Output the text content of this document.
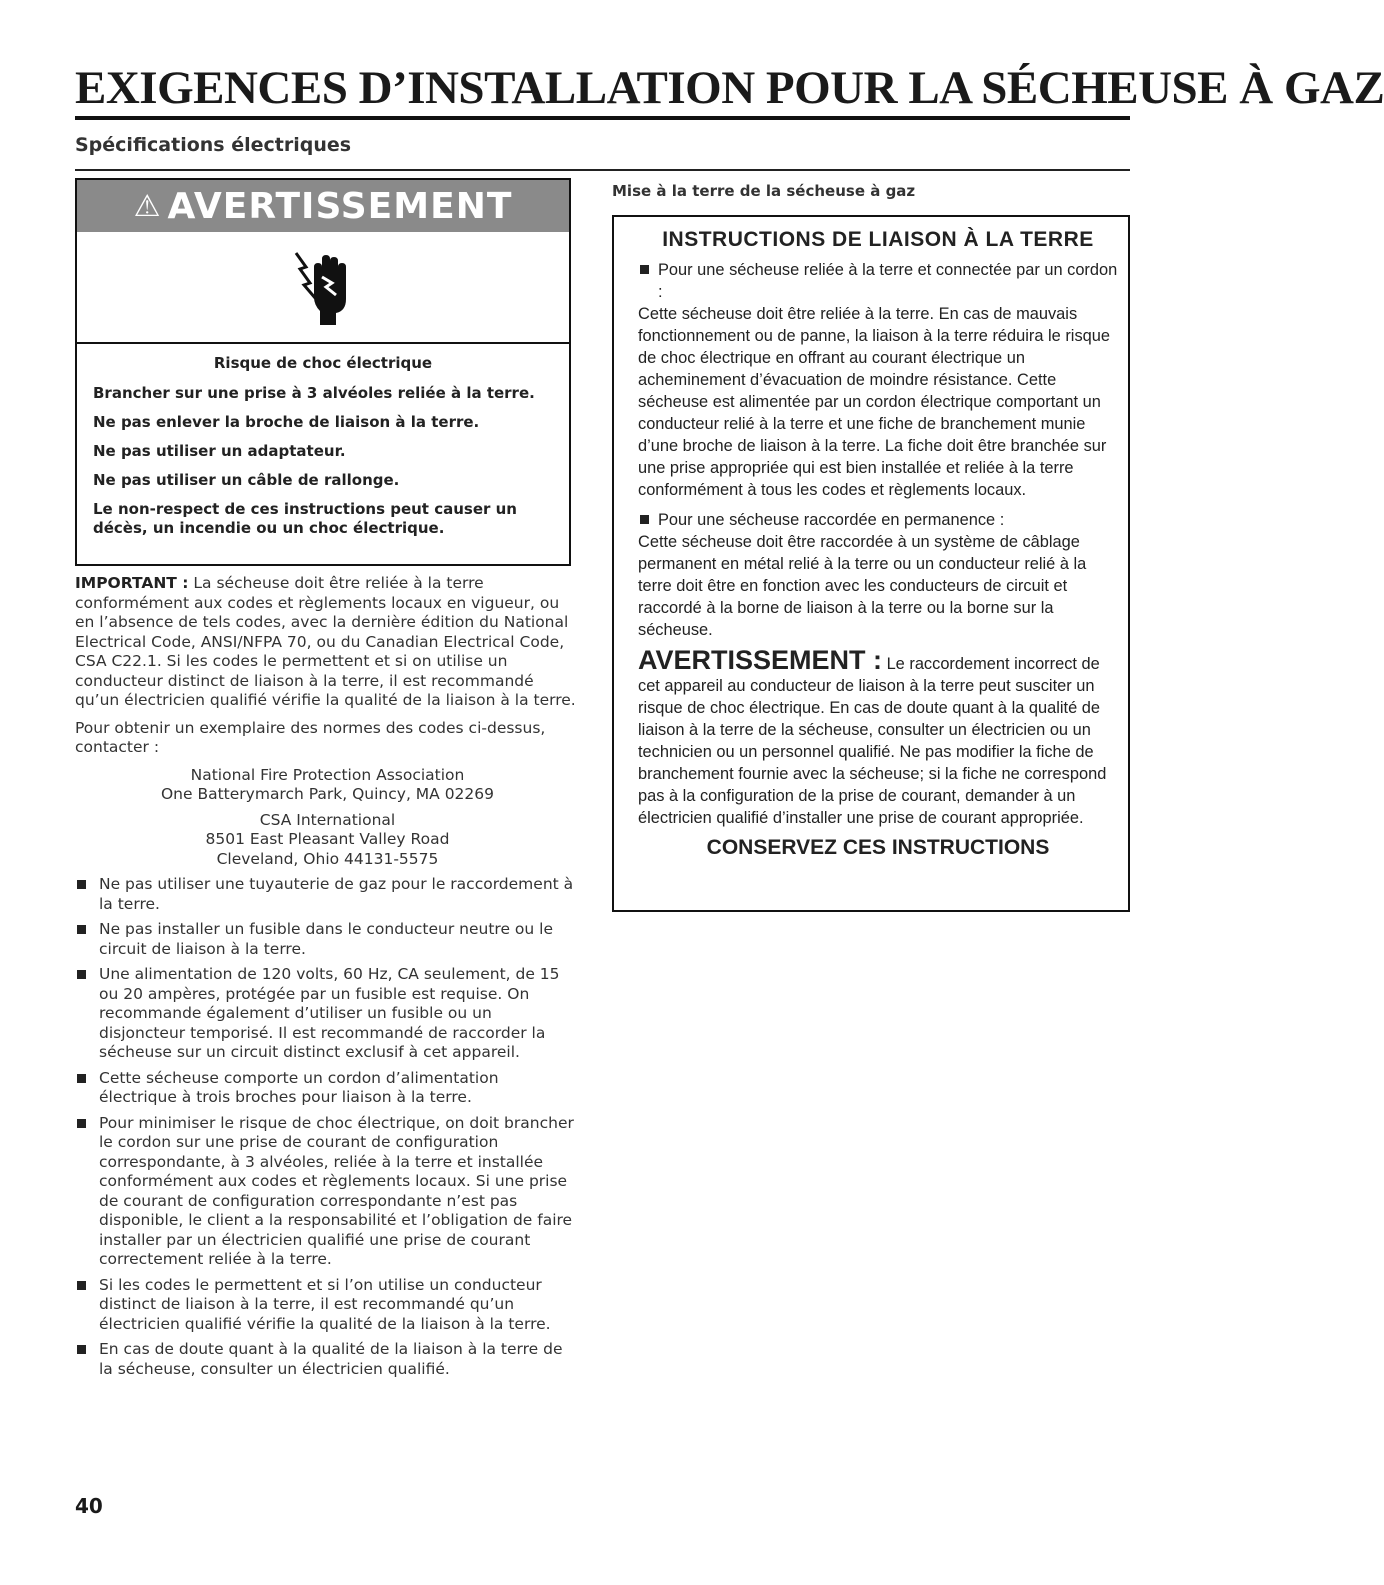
EXIGENCES D’INSTALLATION POUR LA SÉCHEUSE À GAZ
Spécifications électriques
⚠ AVERTISSEMENT
Risque de choc électrique

Brancher sur une prise à 3 alvéoles reliée à la terre.

Ne pas enlever la broche de liaison à la terre.

Ne pas utiliser un adaptateur.

Ne pas utiliser un câble de rallonge.

Le non-respect de ces instructions peut causer un décès, un incendie ou un choc électrique.

IMPORTANT : La sécheuse doit être reliée à la terre conformément aux codes et règlements locaux en vigueur, ou en l’absence de tels codes, avec la dernière édition du National Electrical Code, ANSI/NFPA 70, ou du Canadian Electrical Code, CSA C22.1. Si les codes le permettent et si on utilise un conducteur distinct de liaison à la terre, il est recommandé qu’un électricien qualifié vérifie la qualité de la liaison à la terre.

Pour obtenir un exemplaire des normes des codes ci-dessus, contacter :

National Fire Protection Association
One Batterymarch Park, Quincy, MA 02269
CSA International
8501 East Pleasant Valley Road
Cleveland, Ohio 44131-5575
Ne pas utiliser une tuyauterie de gaz pour le raccordement à la terre.
Ne pas installer un fusible dans le conducteur neutre ou le circuit de liaison à la terre.
Une alimentation de 120 volts, 60 Hz, CA seulement, de 15 ou 20 ampères, protégée par un fusible est requise. On recommande également d’utiliser un fusible ou un disjoncteur temporisé. Il est recommandé de raccorder la sécheuse sur un circuit distinct exclusif à cet appareil.
Cette sécheuse comporte un cordon d’alimentation électrique à trois broches pour liaison à la terre.
Pour minimiser le risque de choc électrique, on doit brancher le cordon sur une prise de courant de configuration correspondante, à 3 alvéoles, reliée à la terre et installée conformément aux codes et règlements locaux. Si une prise de courant de configuration correspondante n’est pas disponible, le client a la responsabilité et l’obligation de faire installer par un électricien qualifié une prise de courant correctement reliée à la terre.
Si les codes le permettent et si l’on utilise un conducteur distinct de liaison à la terre, il est recommandé qu’un électricien qualifié vérifie la qualité de la liaison à la terre.
En cas de doute quant à la qualité de la liaison à la terre de la sécheuse, consulter un électricien qualifié.
Mise à la terre de la sécheuse à gaz
INSTRUCTIONS DE LIAISON À LA TERRE
Pour une sécheuse reliée à la terre et connectée par un cordon :

Cette sécheuse doit être reliée à la terre. En cas de mauvais fonctionnement ou de panne, la liaison à la terre réduira le risque de choc électrique en offrant au courant électrique un acheminement d’évacuation de moindre résistance. Cette sécheuse est alimentée par un cordon électrique comportant un conducteur relié à la terre et une fiche de branchement munie d’une broche de liaison à la terre. La fiche doit être branchée sur une prise appropriée qui est bien installée et reliée à la terre conformément à tous les codes et règlements locaux.

Pour une sécheuse raccordée en permanence :

Cette sécheuse doit être raccordée à un système de câblage permanent en métal relié à la terre ou un conducteur relié à la terre doit être en fonction avec les conducteurs de circuit et raccordé à la borne de liaison à la terre ou la borne sur la sécheuse.

AVERTISSEMENT : Le raccordement incorrect de cet appareil au conducteur de liaison à la terre peut susciter un risque de choc électrique. En cas de doute quant à la qualité de liaison à la terre de la sécheuse, consulter un électricien ou un technicien ou un personnel qualifié. Ne pas modifier la fiche de branchement fournie avec la sécheuse; si la fiche ne correspond pas à la configuration de la prise de courant, demander à un électricien qualifié d’installer une prise de courant appropriée.

CONSERVEZ CES INSTRUCTIONS

40
